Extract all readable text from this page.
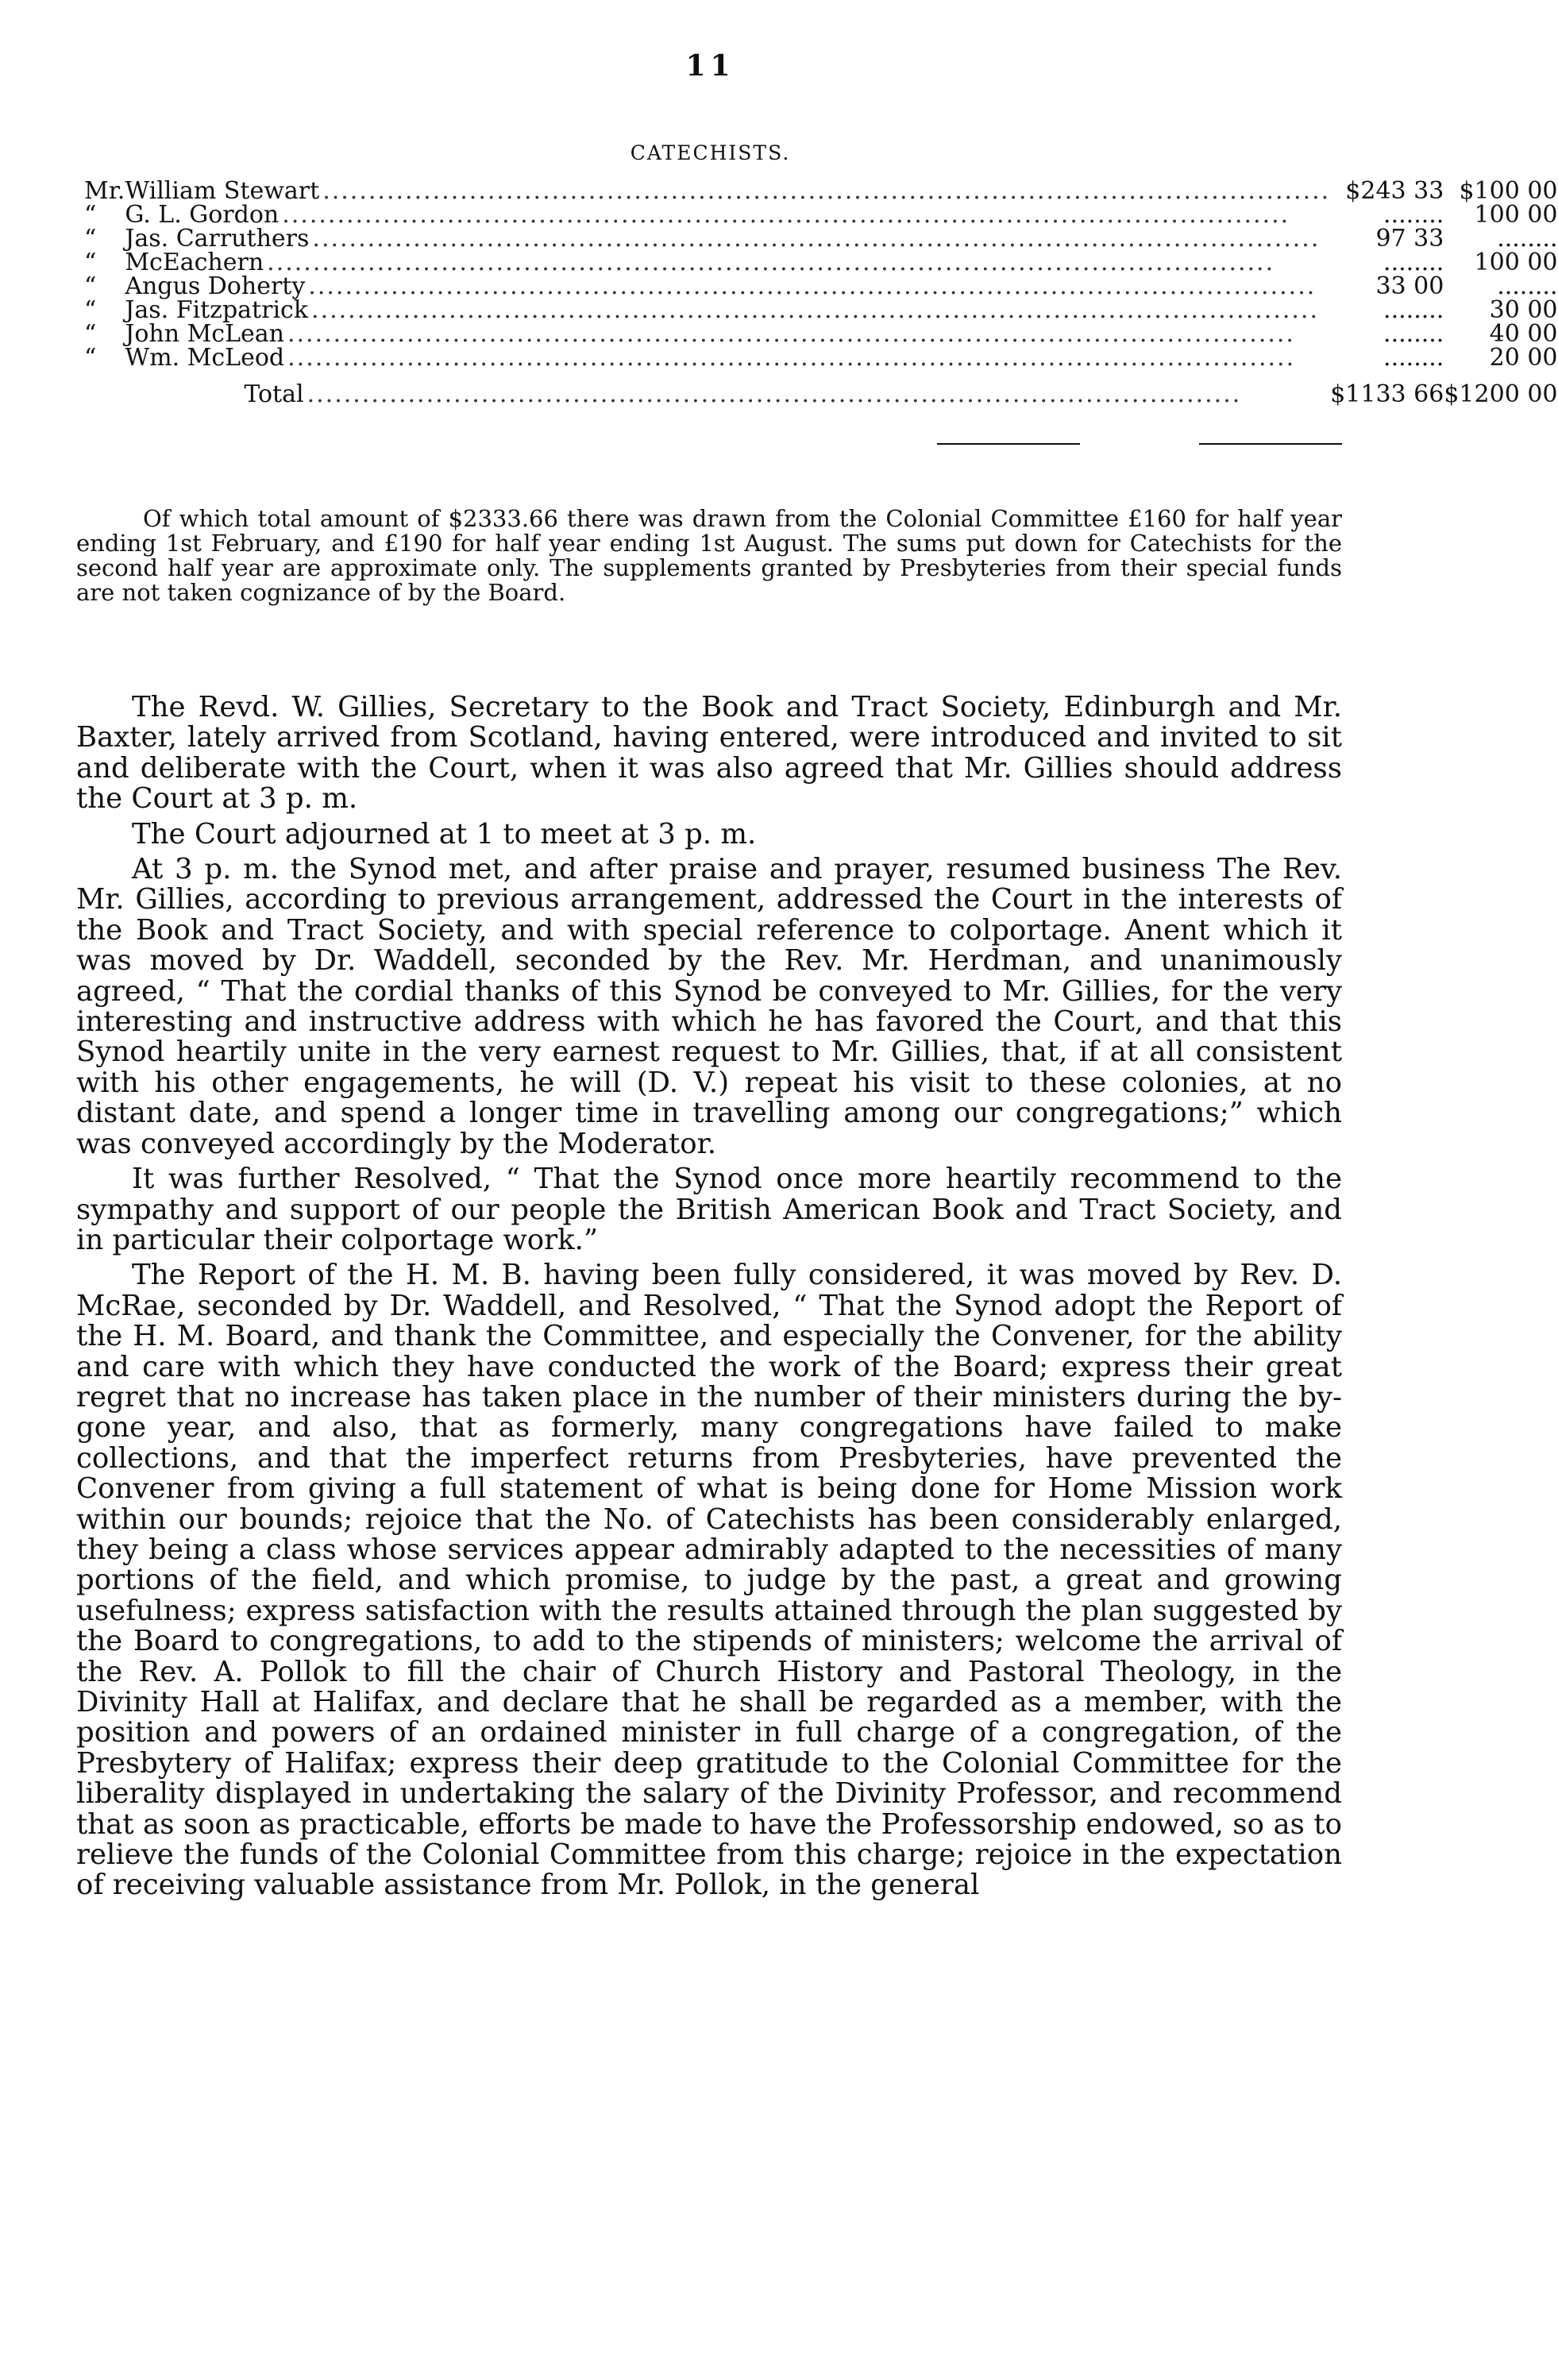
11
CATECHISTS.
Mr.	William Stewart ..............................................................................................................	$243 33		$100 00
“	G. L. Gordon ..............................................................................................................	........		100 00
“	Jas. Carruthers ..............................................................................................................	97 33		........
“	McEachern ..............................................................................................................	........		100 00
“	Angus Doherty ..............................................................................................................	33 00		........
“	Jas. Fitzpatrick ..............................................................................................................	........		30 00
“	John McLean ..............................................................................................................	........		40 00
“	Wm. McLeod ..............................................................................................................	........		20 00
	Total ......................................................................................................	$1133 66		$1200 00
Of which total amount of $2333.66 there was drawn from the Colonial Committee £160 for half year ending 1st February, and £190 for half year ending 1st August. The sums put down for Catechists for the second half year are approximate only. The supplements granted by Presbyteries from their special funds are not taken cognizance of by the Board.

The Revd. W. Gillies, Secretary to the Book and Tract Society, Edinburgh and Mr. Baxter, lately arrived from Scotland, having entered, were introduced and invited to sit and deliberate with the Court, when it was also agreed that Mr. Gillies should address the Court at 3 p. m.

The Court adjourned at 1 to meet at 3 p. m.

At 3 p. m. the Synod met, and after praise and prayer, resumed business The Rev. Mr. Gillies, according to previous arrangement, addressed the Court in the interests of the Book and Tract Society, and with special reference to colportage. Anent which it was moved by Dr. Waddell, seconded by the Rev. Mr. Herdman, and unanimously agreed, “ That the cordial thanks of this Synod be conveyed to Mr. Gillies, for the very interesting and instructive address with which he has favored the Court, and that this Synod heartily unite in the very earnest request to Mr. Gillies, that, if at all consistent with his other engagements, he will (D. V.) repeat his visit to these colonies, at no distant date, and spend a longer time in travelling among our congregations;” which was conveyed accordingly by the Moderator.

It was further Resolved, “ That the Synod once more heartily recommend to the sympathy and support of our people the British American Book and Tract Society, and in particular their colportage work.”

The Report of the H. M. B. having been fully considered, it was moved by Rev. D. McRae, seconded by Dr. Waddell, and Resolved, “ That the Synod adopt the Report of the H. M. Board, and thank the Committee, and especially the Convener, for the ability and care with which they have conducted the work of the Board; express their great regret that no increase has taken place in the number of their ministers during the by-gone year, and also, that as formerly, many congregations have failed to make collections, and that the imperfect returns from Presbyteries, have prevented the Convener from giving a full statement of what is being done for Home Mission work within our bounds; rejoice that the No. of Catechists has been considerably enlarged, they being a class whose services appear admirably adapted to the necessities of many portions of the field, and which promise, to judge by the past, a great and growing usefulness; express satisfaction with the results attained through the plan suggested by the Board to congregations, to add to the stipends of ministers; welcome the arrival of the Rev. A. Pollok to fill the chair of Church History and Pastoral Theology, in the Divinity Hall at Halifax, and declare that he shall be regarded as a member, with the position and powers of an ordained minister in full charge of a congregation, of the Presbytery of Halifax; express their deep gratitude to the Colonial Committee for the liberality displayed in undertaking the salary of the Divinity Professor, and recommend that as soon as practicable, efforts be made to have the Professorship endowed, so as to relieve the funds of the Colonial Committee from this charge; rejoice in the expectation of receiving valuable assistance from Mr. Pollok, in the general
